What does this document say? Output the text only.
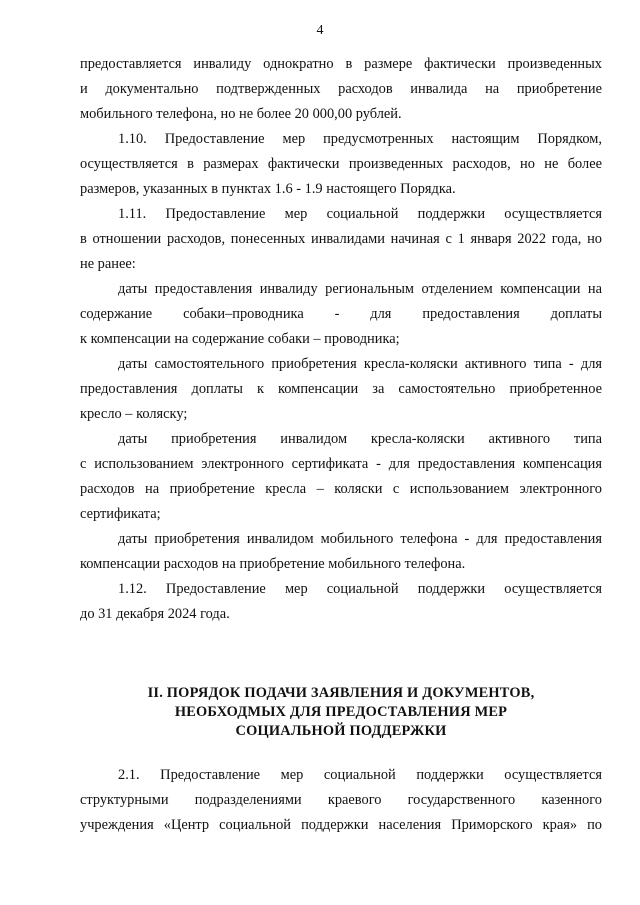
4

предоставляется инвалиду однократно в размере фактически произведенных
и документально подтвержденных расходов инвалида на приобретение
мобильного телефона, но не более 20 000,00 рублей.

1.10. Предоставление мер предусмотренных настоящим Порядком,
осуществляется в размерах фактически произведенных расходов, но не более
размеров, указанных в пунктах 1.6 - 1.9 настоящего Порядка.

1.11. Предоставление мер социальной поддержки осуществляется
в отношении расходов, понесенных инвалидами начиная с 1 января 2022 года, но
не ранее:

даты предоставления инвалиду региональным отделением компенсации на
содержание собаки–проводника - для предоставления доплаты
к компенсации на содержание собаки – проводника;

даты самостоятельного приобретения кресла-коляски активного типа - для
предоставления доплаты к компенсации за самостоятельно приобретенное
кресло – коляску;

даты приобретения инвалидом кресла-коляски активного типа
с использованием электронного сертификата - для предоставления компенсация
расходов на приобретение кресла – коляски с использованием электронного
сертификата;

даты приобретения инвалидом мобильного телефона - для предоставления
компенсации расходов на приобретение мобильного телефона.

1.12. Предоставление мер социальной поддержки осуществляется
до 31 декабря 2024 года.

II. ПОРЯДОК ПОДАЧИ ЗАЯВЛЕНИЯ И ДОКУМЕНТОВ,
НЕОБХОДМЫХ ДЛЯ ПРЕДОСТАВЛЕНИЯ МЕР
СОЦИАЛЬНОЙ ПОДДЕРЖКИ

2.1. Предоставление мер социальной поддержки осуществляется
структурными подразделениями краевого государственного казенного
учреждения «Центр социальной поддержки населения Приморского края» по
